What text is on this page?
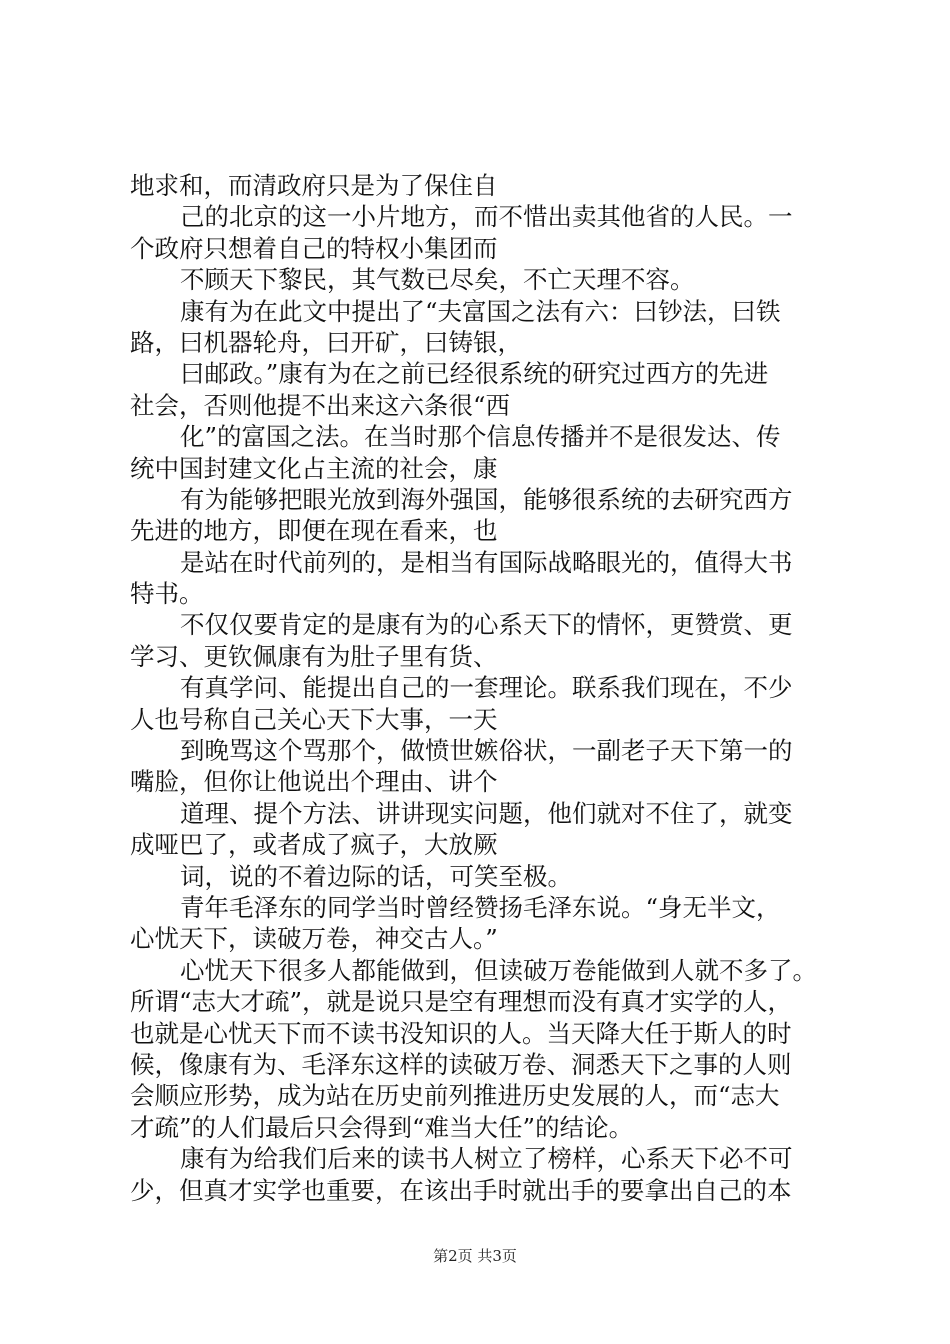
地求和，而清政府只是为了保住自
己的北京的这一小片地方，而不惜出卖其他省的人民。一
个政府只想着自己的特权小集团而
不顾天下黎民，其气数已尽矣，不亡天理不容。
康有为在此文中提出了“夫富国之法有六：曰钞法，曰铁
路，曰机器轮舟，曰开矿，曰铸银，
曰邮政。”康有为在之前已经很系统的研究过西方的先进
社会，否则他提不出来这六条很“西
化”的富国之法。在当时那个信息传播并不是很发达、传
统中国封建文化占主流的社会，康
有为能够把眼光放到海外强国，能够很系统的去研究西方
先进的地方，即便在现在看来，也
是站在时代前列的，是相当有国际战略眼光的，值得大书
特书。
不仅仅要肯定的是康有为的心系天下的情怀，更赞赏、更
学习、更钦佩康有为肚子里有货、
有真学问、能提出自己的一套理论。联系我们现在，不少
人也号称自己关心天下大事，一天
到晚骂这个骂那个，做愤世嫉俗状，一副老子天下第一的
嘴脸，但你让他说出个理由、讲个
道理、提个方法、讲讲现实问题，他们就对不住了，就变
成哑巴了，或者成了疯子，大放厥
词，说的不着边际的话，可笑至极。
青年毛泽东的同学当时曾经赞扬毛泽东说。“身无半文，
心忧天下，读破万卷，神交古人。”
心忧天下很多人都能做到，但读破万卷能做到人就不多了。
所谓“志大才疏”，就是说只是空有理想而没有真才实学的人，
也就是心忧天下而不读书没知识的人。当天降大任于斯人的时
候，像康有为、毛泽东这样的读破万卷、洞悉天下之事的人则
会顺应形势，成为站在历史前列推进历史发展的人，而“志大
才疏”的人们最后只会得到“难当大任”的结论。
康有为给我们后来的读书人树立了榜样，心系天下必不可
少，但真才实学也重要，在该出手时就出手的要拿出自己的本
第2页 共3页
